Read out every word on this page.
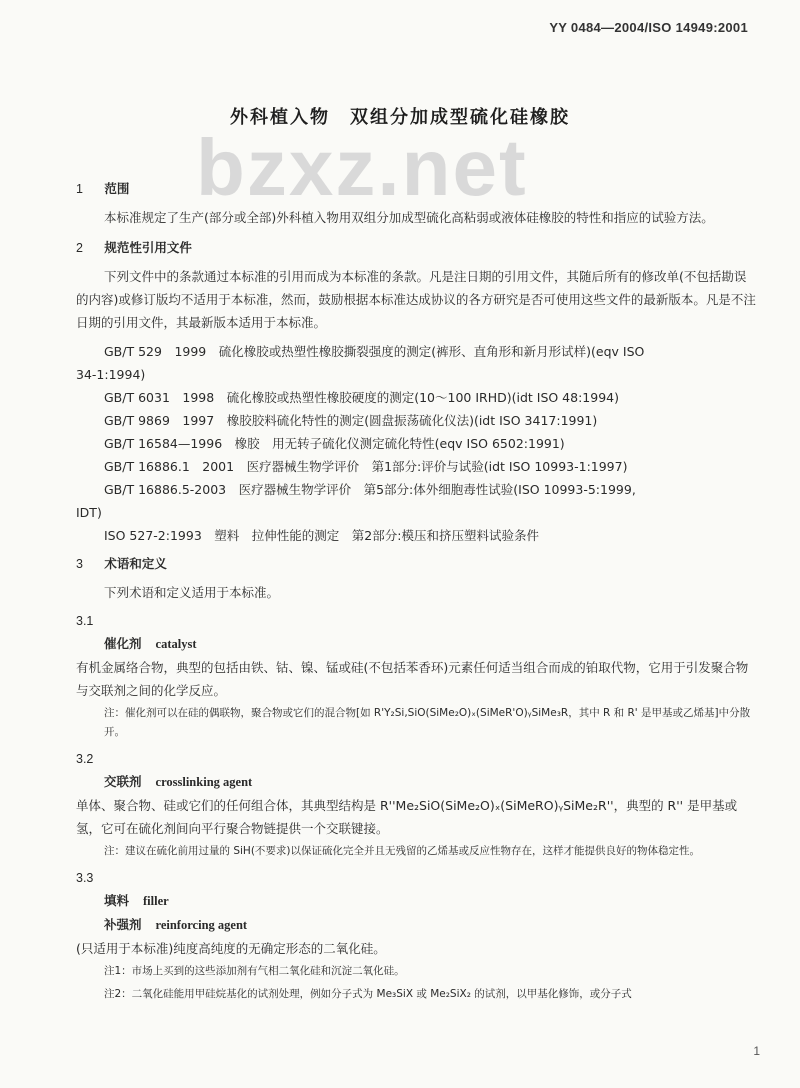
YY 0484—2004/ISO 14949:2001
bzxz.net
外科植入物　双组分加成型硫化硅橡胶
1 范围

本标准规定了生产(部分或全部)外科植入物用双组分加成型硫化高粘弱或液体硅橡胶的特性和指应的试验方法。

2 规范性引用文件

下列文件中的条款通过本标准的引用而成为本标准的条款。凡是注日期的引用文件，其随后所有的修改单(不包括勘误的内容)或修订版均不适用于本标准，然而，鼓励根据本标准达成协议的各方研究是否可使用这些文件的最新版本。凡是不注日期的引用文件，其最新版本适用于本标准。

GB/T 529　1999　硫化橡胶或热塑性橡胶撕裂强度的测定(裤形、直角形和新月形试样)(eqv ISO
34-1:1994)
GB/T 6031　1998　硫化橡胶或热塑性橡胶硬度的测定(10～100 IRHD)(idt ISO 48:1994)
GB/T 9869　1997　橡胶胶料硫化特性的测定(圆盘振荡硫化仪法)(idt ISO 3417:1991)
GB/T 16584—1996　橡胶　用无转子硫化仪测定硫化特性(eqv ISO 6502:1991)
GB/T 16886.1　2001　医疗器械生物学评价　第1部分:评价与试验(idt ISO 10993-1:1997)
GB/T 16886.5-2003　医疗器械生物学评价　第5部分:体外细胞毒性试验(ISO 10993-5:1999,
IDT)
ISO 527-2:1993　塑料　拉伸性能的测定　第2部分:模压和挤压塑料试验条件
3 术语和定义

下列术语和定义适用于本标准。

3.1
催化剂 catalyst

有机金属络合物，典型的包括由铁、钴、镍、锰或硅(不包括苯香环)元素任何适当组合而成的铂取代物，它用于引发聚合物与交联剂之间的化学反应。

注：催化剂可以在硅的偶联物，聚合物或它们的混合物[如 R'Y₂Si,SiO(SiMe₂O)ₓ(SiMeR'O)ᵧSiMe₃R，其中 R 和 R' 是甲基或乙烯基]中分散开。

3.2
交联剂 crosslinking agent

单体、聚合物、硅或它们的任何组合体，其典型结构是 R''Me₂SiO(SiMe₂O)ₓ(SiMeRO)ᵧSiMe₂R''，典型的 R'' 是甲基或氢，它可在硫化剂间向平行聚合物链提供一个交联键接。

注：建议在硫化前用过量的 SiH(不要求)以保证硫化完全并且无残留的乙烯基或反应性物存在，这样才能提供良好的物体稳定性。

3.3
填料 filler
补强剂 reinforcing agent

(只适用于本标准)纯度高纯度的无确定形态的二氧化硅。

注1：市场上买到的这些添加剂有气相二氧化硅和沉淀二氧化硅。

注2：二氧化硅能用甲硅烷基化的试剂处理，例如分子式为 Me₃SiX 或 Me₂SiX₂ 的试剂，以甲基化修饰，或分子式

1
